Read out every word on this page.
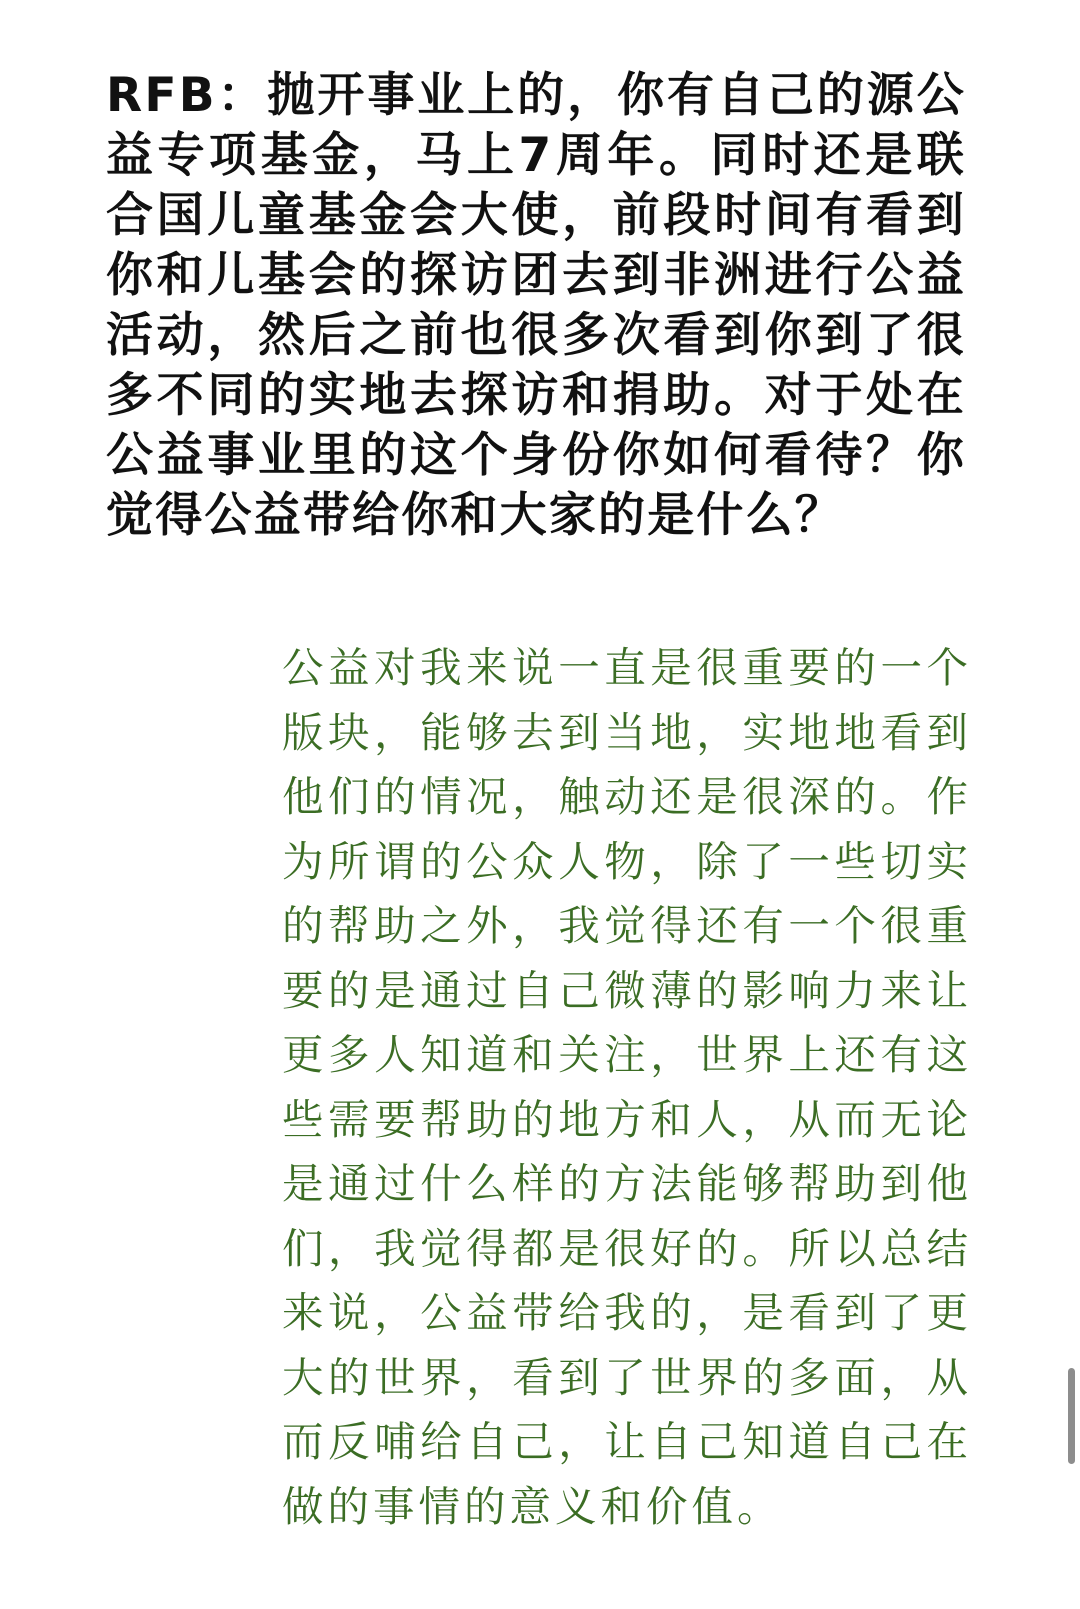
RFB：抛开事业上的，你有自己的源公益专项基金，马上7周年。同时还是联合国儿童基金会大使，前段时间有看到你和儿基会的探访团去到非洲进行公益活动，然后之前也很多次看到你到了很多不同的实地去探访和捐助。对于处在公益事业里的这个身份你如何看待？你觉得公益带给你和大家的是什么？

公益对我来说一直是很重要的一个版块，能够去到当地，实地地看到他们的情况，触动还是很深的。作为所谓的公众人物，除了一些切实的帮助之外，我觉得还有一个很重要的是通过自己微薄的影响力来让更多人知道和关注，世界上还有这些需要帮助的地方和人，从而无论是通过什么样的方法能够帮助到他们，我觉得都是很好的。所以总结来说，公益带给我的，是看到了更大的世界，看到了世界的多面，从而反哺给自己，让自己知道自己在做的事情的意义和价值。
